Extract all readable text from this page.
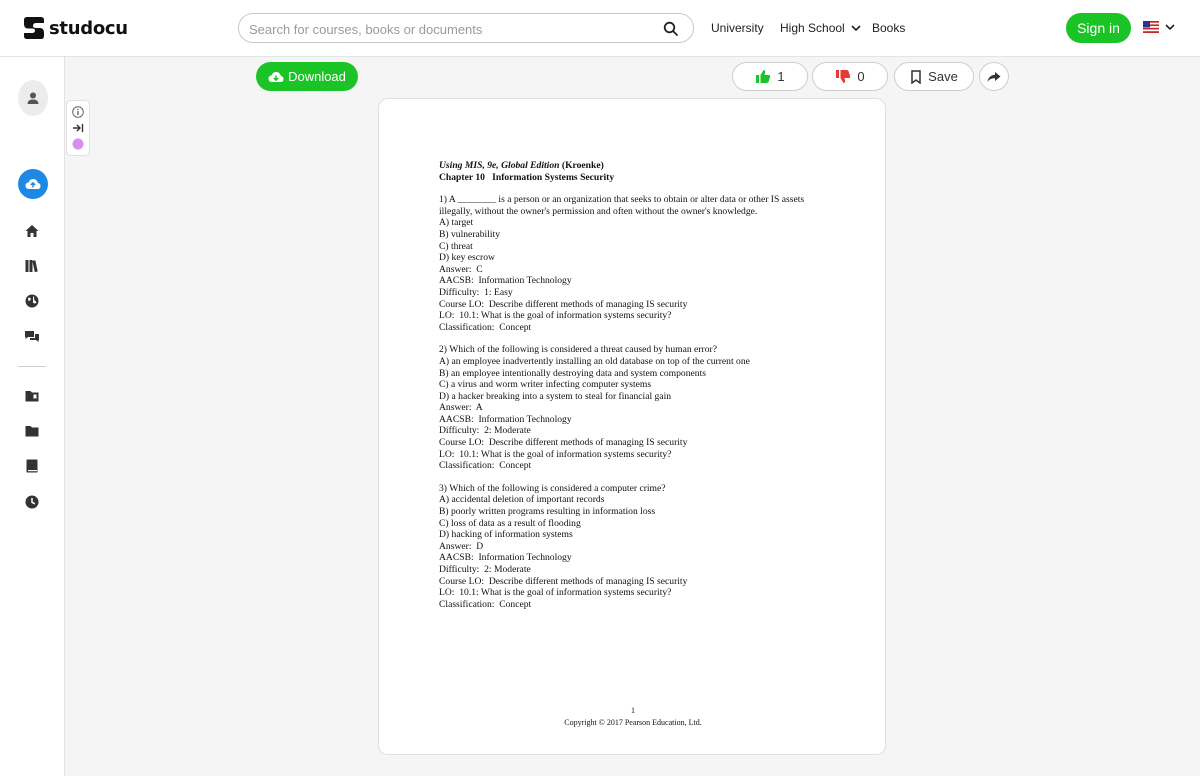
studocu
Search for courses, books or documents	University High School Books	Sign in
Download	1	0	Save

Using MIS, 9e, Global Edition (Kroenke)

Chapter 10   Information Systems Security

1) A ________ is a person or an organization that seeks to obtain or alter data or other IS assets

illegally, without the owner's permission and often without the owner's knowledge.

A) target

B) vulnerability

C) threat

D) key escrow

Answer:  C

AACSB:  Information Technology

Difficulty:  1: Easy

Course LO:  Describe different methods of managing IS security

LO:  10.1: What is the goal of information systems security?

Classification:  Concept

2) Which of the following is considered a threat caused by human error?

A) an employee inadvertently installing an old database on top of the current one

B) an employee intentionally destroying data and system components

C) a virus and worm writer infecting computer systems

D) a hacker breaking into a system to steal for financial gain

Answer:  A

AACSB:  Information Technology

Difficulty:  2: Moderate

Course LO:  Describe different methods of managing IS security

LO:  10.1: What is the goal of information systems security?

Classification:  Concept

3) Which of the following is considered a computer crime?

A) accidental deletion of important records

B) poorly written programs resulting in information loss

C) loss of data as a result of flooding

D) hacking of information systems

Answer:  D

AACSB:  Information Technology

Difficulty:  2: Moderate

Course LO:  Describe different methods of managing IS security

LO:  10.1: What is the goal of information systems security?

Classification:  Concept

1
Copyright © 2017 Pearson Education, Ltd.
